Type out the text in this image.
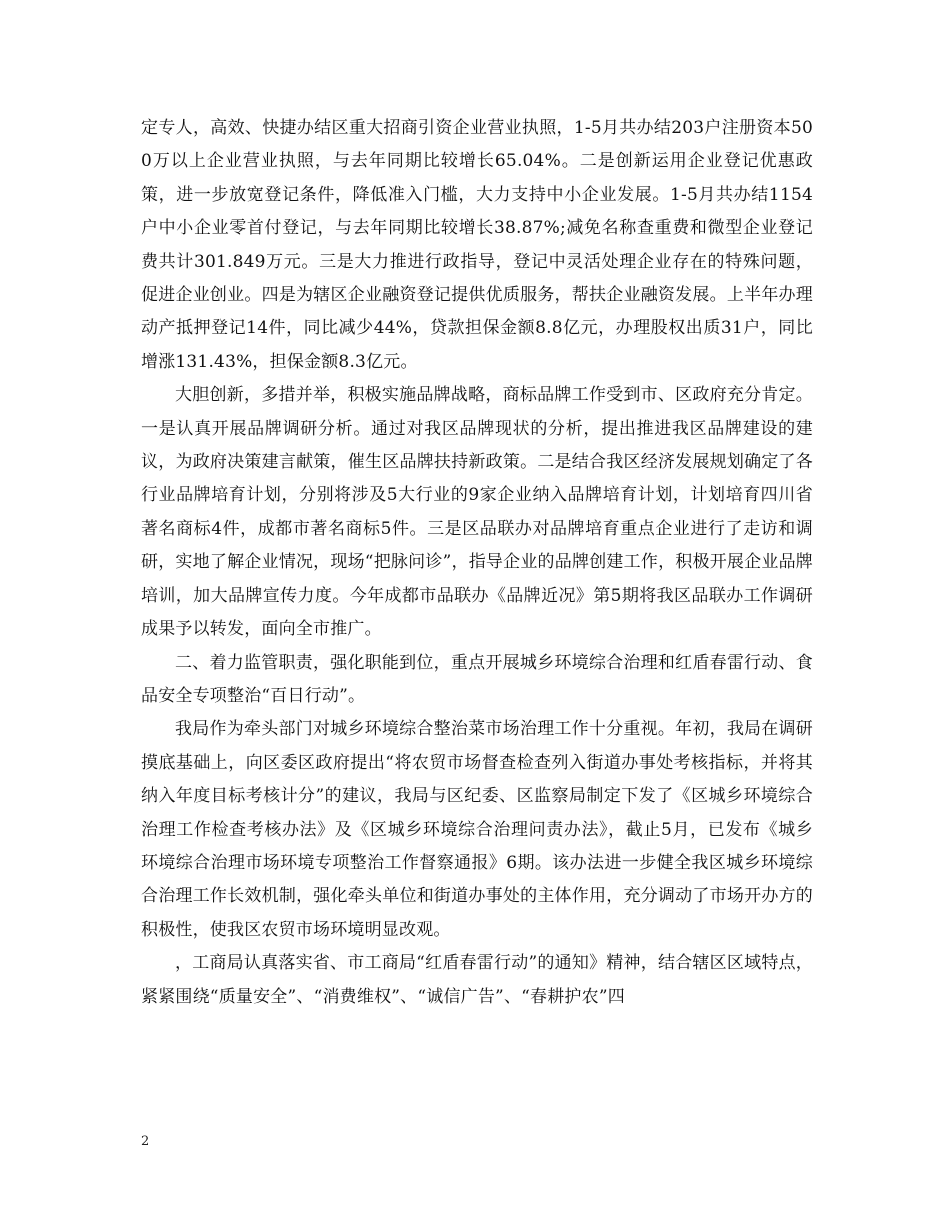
定专人，高效、快捷办结区重大招商引资企业营业执照，1-5月共办结203户注册资本500万以上企业营业执照，与去年同期比较增长65.04%。二是创新运用企业登记优惠政策，进一步放宽登记条件，降低准入门槛，大力支持中小企业发展。1-5月共办结1154户中小企业零首付登记，与去年同期比较增长38.87%;减免名称查重费和微型企业登记费共计301.849万元。三是大力推进行政指导，登记中灵活处理企业存在的特殊问题，促进企业创业。四是为辖区企业融资登记提供优质服务，帮扶企业融资发展。上半年办理动产抵押登记14件，同比减少44%，贷款担保金额8.8亿元，办理股权出质31户，同比增涨131.43%，担保金额8.3亿元。

大胆创新，多措并举，积极实施品牌战略，商标品牌工作受到市、区政府充分肯定。一是认真开展品牌调研分析。通过对我区品牌现状的分析，提出推进我区品牌建设的建议，为政府决策建言献策，催生区品牌扶持新政策。二是结合我区经济发展规划确定了各行业品牌培育计划，分别将涉及5大行业的9家企业纳入品牌培育计划，计划培育四川省著名商标4件，成都市著名商标5件。三是区品联办对品牌培育重点企业进行了走访和调研，实地了解企业情况，现场“把脉问诊”，指导企业的品牌创建工作，积极开展企业品牌培训，加大品牌宣传力度。今年成都市品联办《品牌近况》第5期将我区品联办工作调研成果予以转发，面向全市推广。

二、着力监管职责，强化职能到位，重点开展城乡环境综合治理和红盾春雷行动、食品安全专项整治“百日行动”。

我局作为牵头部门对城乡环境综合整治菜市场治理工作十分重视。年初，我局在调研摸底基础上，向区委区政府提出“将农贸市场督查检查列入街道办事处考核指标，并将其纳入年度目标考核计分”的建议，我局与区纪委、区监察局制定下发了《区城乡环境综合治理工作检查考核办法》及《区城乡环境综合治理问责办法》，截止5月，已发布《城乡环境综合治理市场环境专项整治工作督察通报》6期。该办法进一步健全我区城乡环境综合治理工作长效机制，强化牵头单位和街道办事处的主体作用，充分调动了市场开办方的积极性，使我区农贸市场环境明显改观。

，工商局认真落实省、市工商局“红盾春雷行动”的通知》精神，结合辖区区域特点，紧紧围绕“质量安全”、“消费维权”、“诚信广告”、“春耕护农”四

2
